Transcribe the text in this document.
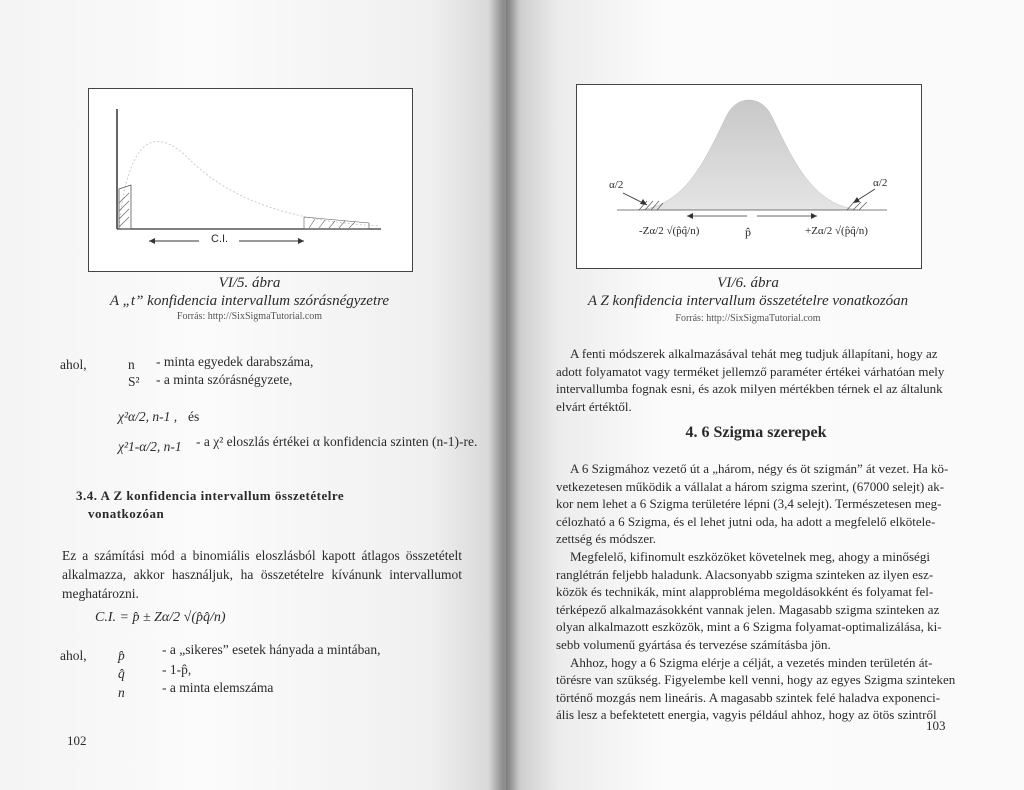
C.I.
VI/5. ábra
A „t” konfidencia intervallum szórásnégyzetre
Forrás: http://SixSigmaTutorial.com
ahol,	n - minta egyedek darabszáma,
S² - a minta szórásnégyzete,
χ²α/2, n-1 , és
χ²1-α/2, n-1 - a χ² eloszlás értékei α konfidencia szinten (n-1)-re.
3.4. A Z konfidencia intervallum összetételre
vonatkozóan
Ez a számítási mód a binomiális eloszlásból kapott átlagos összetételt alkalmazza, akkor használjuk, ha összetételre kívánunk intervallumot meghatározni.
C.I. = p̂ ± Zα/2 √(p̂q̂/n)
ahol, p̂	- a „sikeres” esetek hányada a mintában,
q̂	- 1-p̂,
n	- a minta elemszáma
102
α/2	α/2
-Zα/2 √(p̂q̂/n)	p̂	+Zα/2 √(p̂q̂/n)
VI/6. ábra
A Z konfidencia intervallum összetételre vonatkozóan
Forrás: http://SixSigmaTutorial.com
A fenti módszerek alkalmazásával tehát meg tudjuk állapítani, hogy az
adott folyamatot vagy terméket jellemző paraméter értékei várhatóan mely
intervallumba fognak esni, és azok milyen mértékben térnek el az általunk
elvárt értéktől.
4. 6 Szigma szerepek
A 6 Szigmához vezető út a „három, négy és öt szigmán” át vezet. Ha kö-
vetkezetesen működik a vállalat a három szigma szerint, (67000 selejt) ak-
kor nem lehet a 6 Szigma területére lépni (3,4 selejt). Természetesen meg-
célozható a 6 Szigma, és el lehet jutni oda, ha adott a megfelelő elkötele-
zettség és módszer.
Megfelelő, kifinomult eszközöket követelnek meg, ahogy a minőségi
ranglétrán feljebb haladunk. Alacsonyabb szigma szinteken az ilyen esz-
közök és technikák, mint alapprobléma megoldásokként és folyamat fel-
térképező alkalmazásokként vannak jelen. Magasabb szigma szinteken az
olyan alkalmazott eszközök, mint a 6 Szigma folyamat-optimalizálása, ki-
sebb volumenű gyártása és tervezése számításba jön.
Ahhoz, hogy a 6 Szigma elérje a célját, a vezetés minden területén át-
törésre van szükség. Figyelembe kell venni, hogy az egyes Szigma szinteken
történő mozgás nem lineáris. A magasabb szintek felé haladva exponenci-
ális lesz a befektetett energia, vagyis például ahhoz, hogy az ötös szintről
103
